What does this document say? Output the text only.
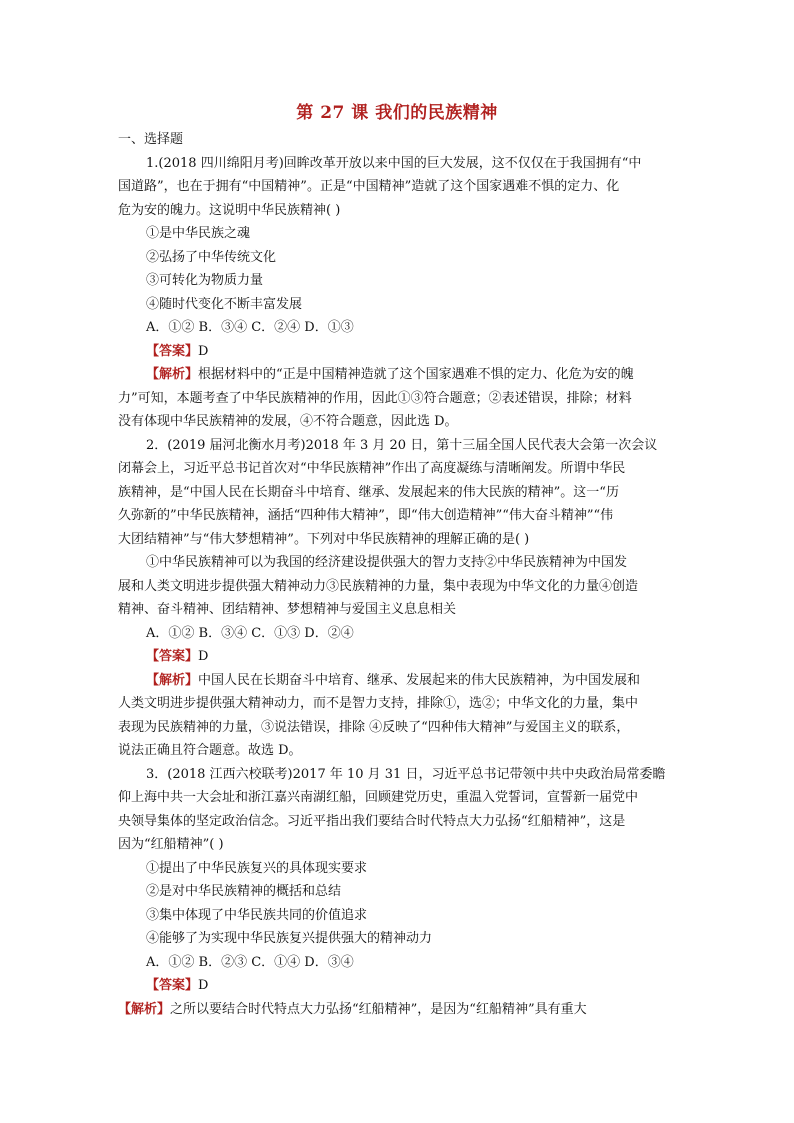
第 27 课 我们的民族精神
一、选择题
1.(2018 四川绵阳月考)回眸改革开放以来中国的巨大发展，这不仅仅在于我国拥有“中
国道路”，也在于拥有“中国精神”。正是“中国精神”造就了这个国家遇难不惧的定力、化
危为安的魄力。这说明中华民族精神( )
①是中华民族之魂
②弘扬了中华传统文化
③可转化为物质力量
④随时代变化不断丰富发展
A．①② B．③④ C．②④ D．①③
【答案】D
【解析】根据材料中的“正是中国精神造就了这个国家遇难不惧的定力、化危为安的魄
力”可知，本题考查了中华民族精神的作用，因此①③符合题意；②表述错误，排除；材料
没有体现中华民族精神的发展，④不符合题意，因此选 D。
2．(2019 届河北衡水月考)2018 年 3 月 20 日，第十三届全国人民代表大会第一次会议
闭幕会上，习近平总书记首次对“中华民族精神”作出了高度凝练与清晰阐发。所谓中华民
族精神，是“中国人民在长期奋斗中培育、继承、发展起来的伟大民族的精神”。这一“历
久弥新的”中华民族精神，涵括“四种伟大精神”，即“伟大创造精神”“伟大奋斗精神”“伟
大团结精神”与“伟大梦想精神”。下列对中华民族精神的理解正确的是( )
①中华民族精神可以为我国的经济建设提供强大的智力支持②中华民族精神为中国发
展和人类文明进步提供强大精神动力③民族精神的力量，集中表现为中华文化的力量④创造
精神、奋斗精神、团结精神、梦想精神与爱国主义息息相关
A．①② B．③④ C．①③ D．②④
【答案】D
【解析】中国人民在长期奋斗中培育、继承、发展起来的伟大民族精神，为中国发展和
人类文明进步提供强大精神动力，而不是智力支持，排除①，选②；中华文化的力量，集中
表现为民族精神的力量，③说法错误，排除 ④反映了“四种伟大精神”与爱国主义的联系，
说法正确且符合题意。故选 D。
3．(2018 江西六校联考)2017 年 10 月 31 日，习近平总书记带领中共中央政治局常委瞻
仰上海中共一大会址和浙江嘉兴南湖红船，回顾建党历史，重温入党誓词，宣誓新一届党中
央领导集体的坚定政治信念。习近平指出我们要结合时代特点大力弘扬“红船精神”，这是
因为“红船精神”( )
①提出了中华民族复兴的具体现实要求
②是对中华民族精神的概括和总结
③集中体现了中华民族共同的价值追求
④能够了为实现中华民族复兴提供强大的精神动力
A．①② B．②③ C．①④ D．③④
【答案】D
【解析】之所以要结合时代特点大力弘扬“红船精神”，是因为“红船精神”具有重大
